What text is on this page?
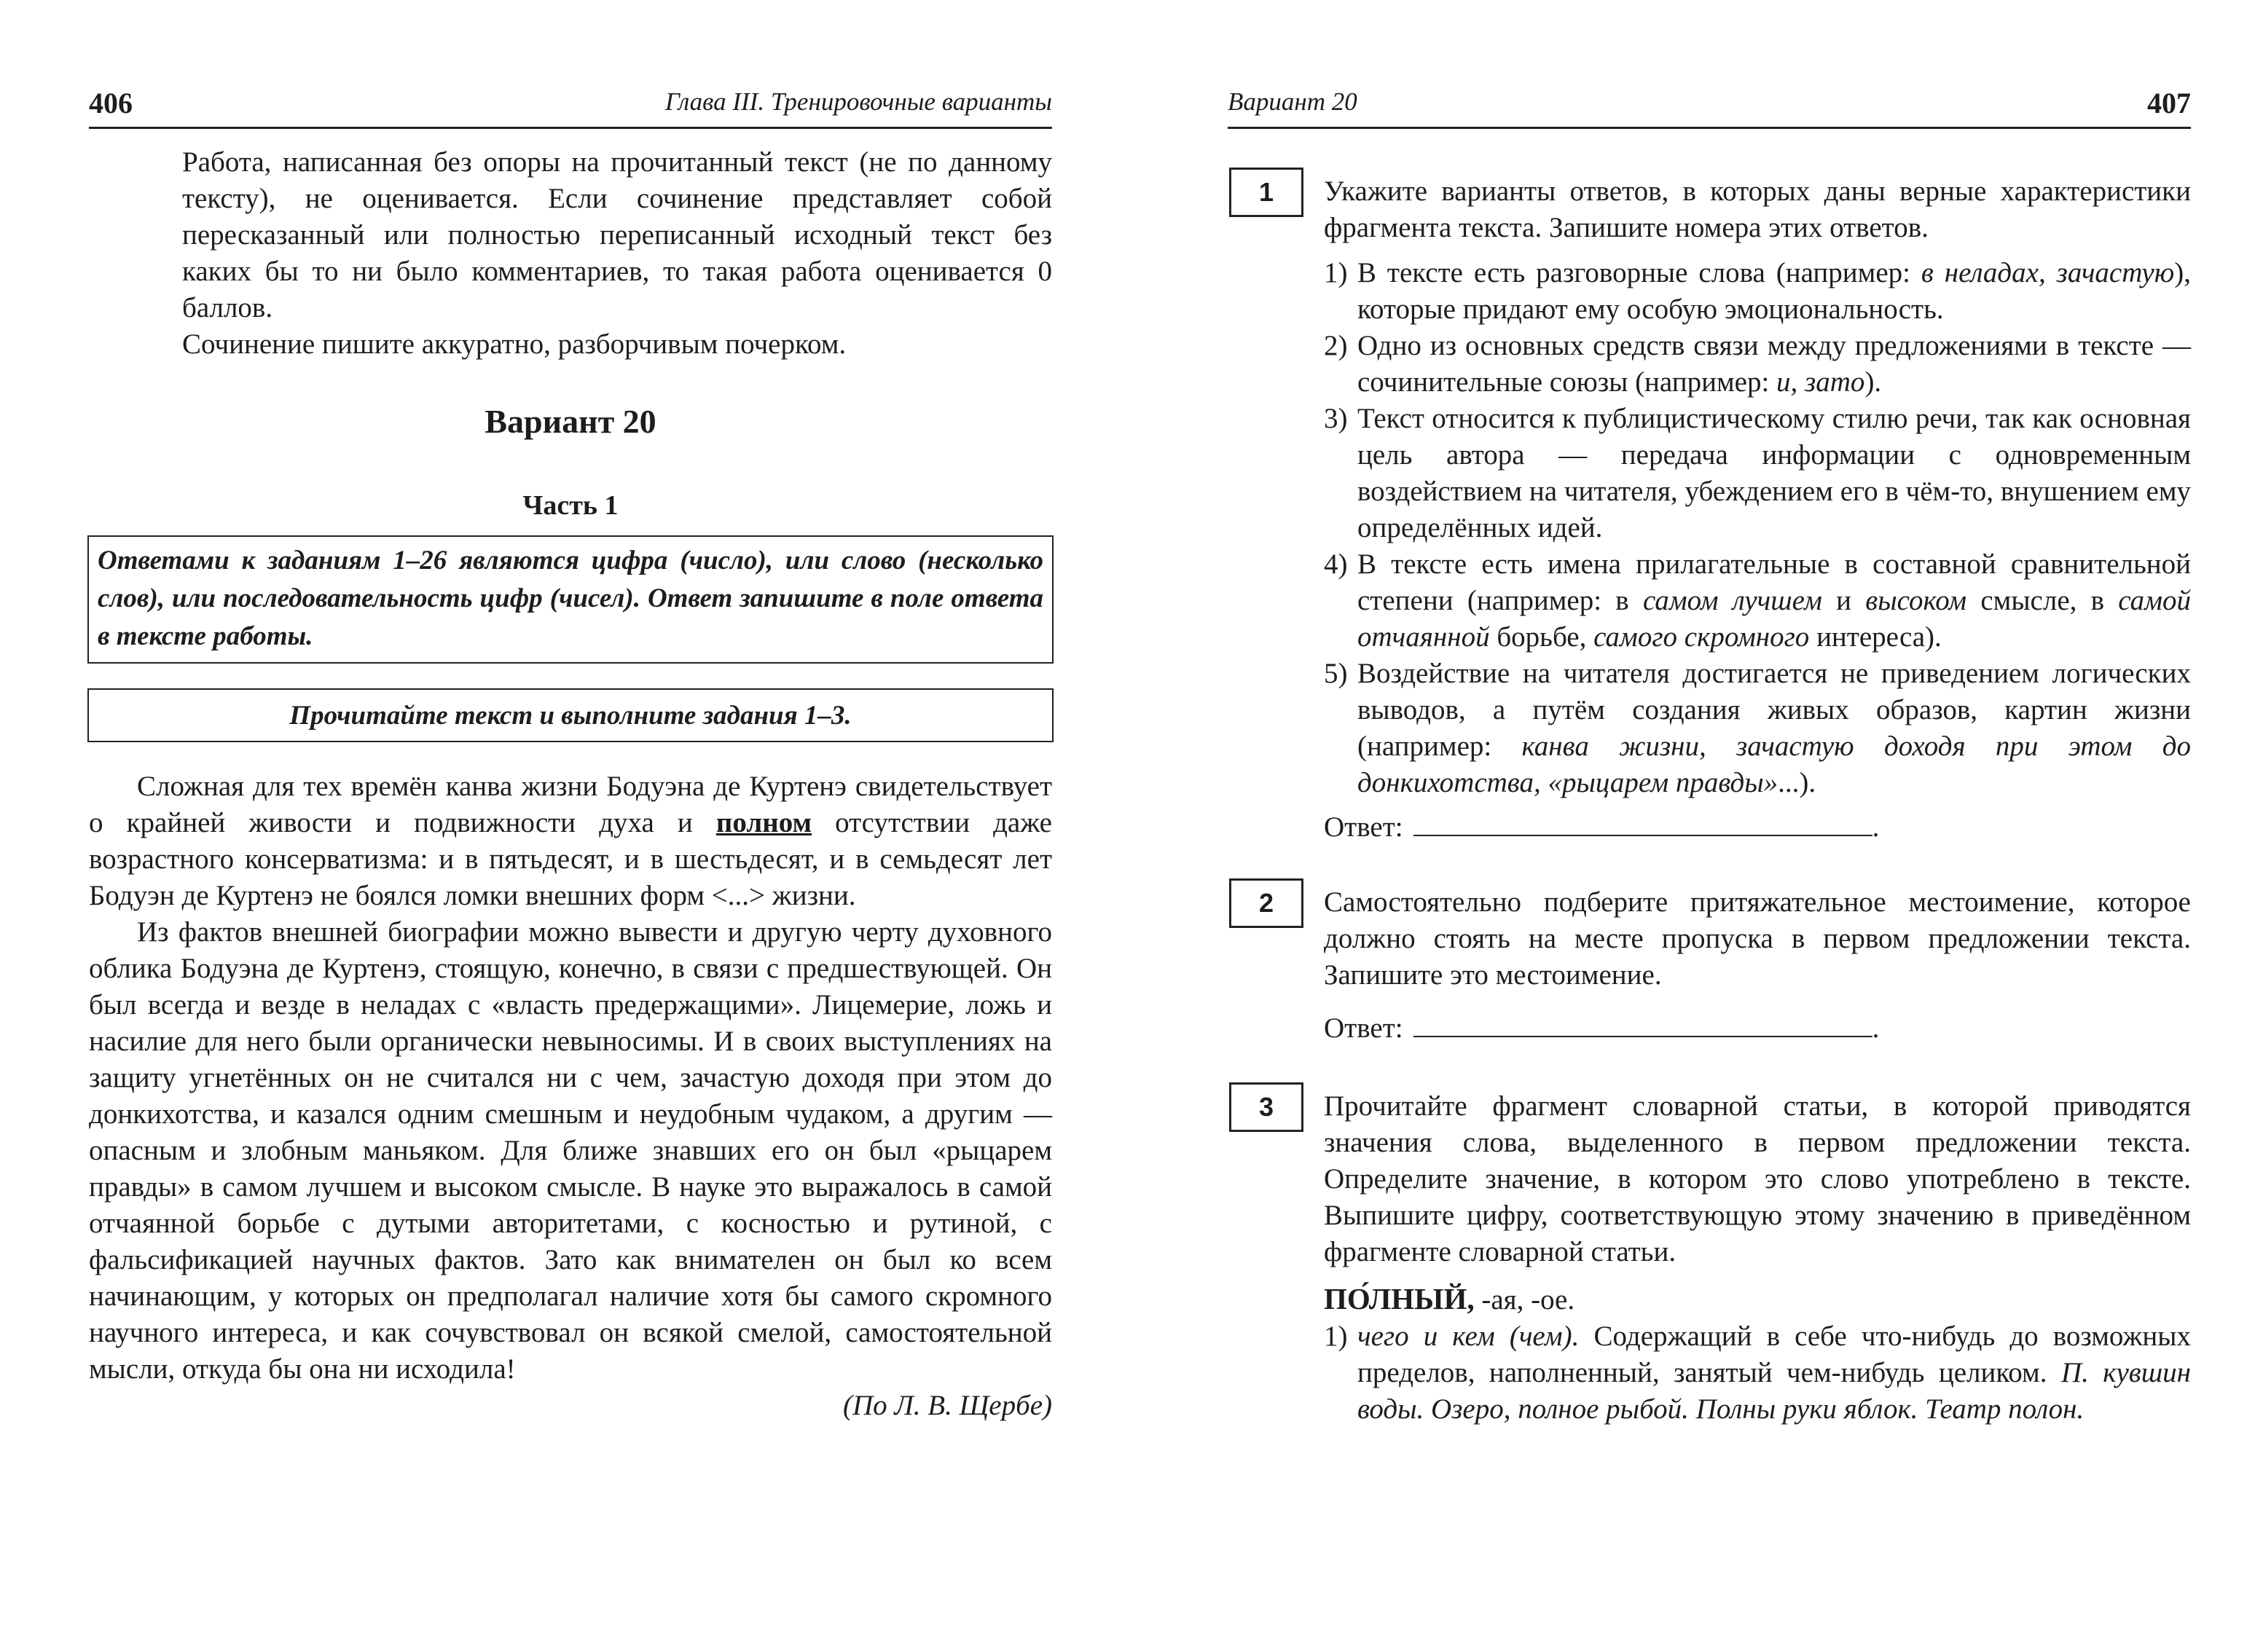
406	Глава III. Тренировочные варианты

Работа, написанная без опоры на прочитанный текст (не по данному тексту), не оценивается. Если сочинение представляет собой пересказанный или полностью переписанный исходный текст без каких бы то ни было комментариев, то такая работа оценивается 0 баллов.

Сочинение пишите аккуратно, разборчивым почерком.

Вариант 20
Часть 1
Ответами к заданиям 1–26 являются цифра (число), или слово (несколько слов), или последовательность цифр (чисел). Ответ запишите в поле ответа в тексте работы.
Прочитайте текст и выполните задания 1–3.

Сложная для тех времён канва жизни Бодуэна де Куртенэ свидетельствует о крайней живости и подвижности духа и полном отсутствии даже возрастного консерватизма: и в пятьдесят, и в шестьдесят, и в семьдесят лет Бодуэн де Куртенэ не боялся ломки внешних форм <...> жизни.

Из фактов внешней биографии можно вывести и другую черту духовного облика Бодуэна де Куртенэ, стоящую, конечно, в связи с предшествующей. Он был всегда и везде в неладах с «власть предержащими». Лицемерие, ложь и насилие для него были органически невыносимы. И в своих выступлениях на защиту угнетённых он не считался ни с чем, зачастую доходя при этом до донкихотства, и казался одним смешным и неудобным чудаком, а другим — опасным и злобным маньяком. Для ближе знавших его он был «рыцарем правды» в самом лучшем и высоком смысле. В науке это выражалось в самой отчаянной борьбе с дутыми авторитетами, с косностью и рутиной, с фальсификацией научных фактов. Зато как внимателен он был ко всем начинающим, у которых он предполагал наличие хотя бы самого скромного научного интереса, и как сочувствовал он всякой смелой, самостоятельной мысли, откуда бы она ни исходила!

(По Л. В. Щербе)

Вариант 20	407
1	Укажите варианты ответов, в которых даны верные характеристики фрагмента текста. Запишите номера этих ответов.

1) В тексте есть разговорные слова (например: в неладах, зачастую), которые придают ему особую эмоциональность.
2) Одно из основных средств связи между предложениями в тексте — сочинительные союзы (например: и, зато).
3) Текст относится к публицистическому стилю речи, так как основная цель автора — передача информации с одновременным воздействием на читателя, убеждением его в чём-то, внушением ему определённых идей.
4) В тексте есть имена прилагательные в составной сравнительной степени (например: в самом лучшем и высоком смысле, в самой отчаянной борьбе, самого скромного интереса).
5) Воздействие на читателя достигается не приведением логических выводов, а путём создания живых образов, картин жизни (например: канва жизни, зачастую доходя при этом до донкихотства, «рыцарем правды»...).
Ответ:	.
2	Самостоятельно подберите притяжательное местоимение, которое должно стоять на месте пропуска в первом предложении текста. Запишите это местоимение.

Ответ:	.
3	Прочитайте фрагмент словарной статьи, в которой приводятся значения слова, выделенного в первом предложении текста. Определите значение, в котором это слово употреблено в тексте. Выпишите цифру, соответствующую этому значению в приведённом фрагменте словарной статьи.

ПО́ЛНЫЙ, -ая, -ое.
1) чего и кем (чем). Содержащий в себе что-нибудь до возможных пределов, наполненный, занятый чем-нибудь целиком. П. кувшин воды. Озеро, полное рыбой. Полны руки яблок. Театр полон.
